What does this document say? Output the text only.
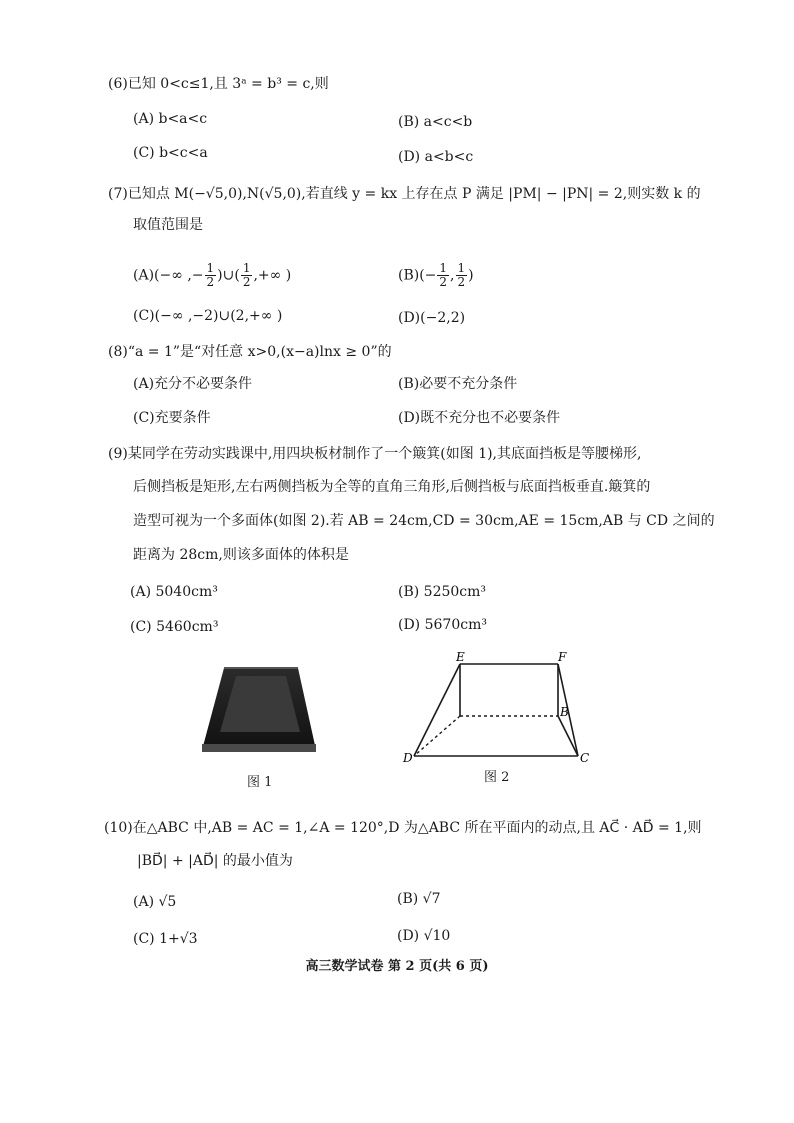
(6)已知 0<c≤1,且 3ᵃ = b³ = c,则
(A) b<a<c	(B) a<c<b
(C) b<c<a	(D) a<b<c
(7)已知点 M(−√5,0),N(√5,0),若直线 y = kx 上存在点 P 满足 |PM| − |PN| = 2,则实数 k 的
取值范围是
(A)(−∞ ,− $\frac{1}{2}$ )∪( $\frac{1}{2}$ ,+∞ )	$(B)(- \frac{1}{2}$ , $\frac{1}{2}$ )
(C)(−∞ ,−2)∪(2,+∞ )	(D)(−2,2)
(8)“a = 1”是“对任意 x>0,(x−a)lnx ≥ 0”的
(A)充分不必要条件	(B)必要不充分条件
(C)充要条件	(D)既不充分也不必要条件
(9)某同学在劳动实践课中,用四块板材制作了一个簸箕(如图 1),其底面挡板是等腰梯形,
后侧挡板是矩形,左右两侧挡板为全等的直角三角形,后侧挡板与底面挡板垂直.簸箕的
造型可视为一个多面体(如图 2).若 AB = 24cm,CD = 30cm,AE = 15cm,AB 与 CD 之间的
距离为 28cm,则该多面体的体积是
(A) 5040cm³	(B) 5250cm³
(C) 5460cm³	(D) 5670cm³
图 1
E	F
B
C
D
图 2
(10)在△ABC 中,AB = AC = 1,∠A = 120°,D 为△ABC 所在平面内的动点,且 AC⃗ · AD⃗ = 1,则
|BD⃗| + |AD⃗| 的最小值为
(A) √5	(B) √7
(C) 1+√3	(D) √10
高三数学试卷 第 2 页(共 6 页)
